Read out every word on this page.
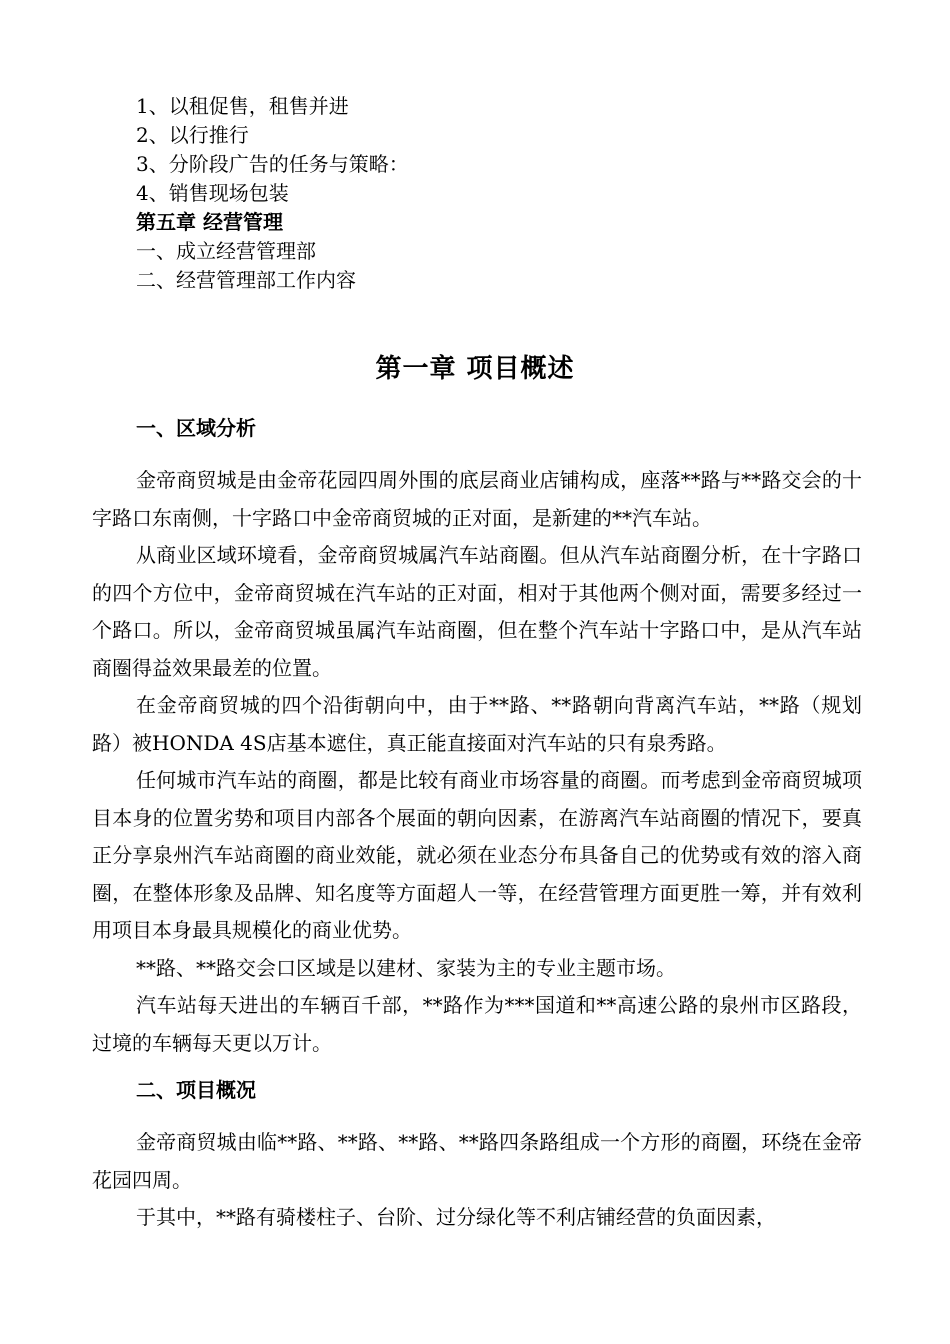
1、以租促售，租售并进
2、以行推行
3、分阶段广告的任务与策略：
4、销售现场包装
第五章 经营管理
一、成立经营管理部
二、经营管理部工作内容
第一章 项目概述
一、区域分析

金帝商贸城是由金帝花园四周外围的底层商业店铺构成，座落**路与**路交会的十字路口东南侧，十字路口中金帝商贸城的正对面，是新建的**汽车站。

从商业区域环境看，金帝商贸城属汽车站商圈。但从汽车站商圈分析，在十字路口的四个方位中，金帝商贸城在汽车站的正对面，相对于其他两个侧对面，需要多经过一个路口。所以，金帝商贸城虽属汽车站商圈，但在整个汽车站十字路口中，是从汽车站商圈得益效果最差的位置。

在金帝商贸城的四个沿街朝向中，由于**路、**路朝向背离汽车站，**路（规划路）被HONDA 4S店基本遮住，真正能直接面对汽车站的只有泉秀路。

任何城市汽车站的商圈，都是比较有商业市场容量的商圈。而考虑到金帝商贸城项目本身的位置劣势和项目内部各个展面的朝向因素，在游离汽车站商圈的情况下，要真正分享泉州汽车站商圈的商业效能，就必须在业态分布具备自己的优势或有效的溶入商圈，在整体形象及品牌、知名度等方面超人一等，在经营管理方面更胜一筹，并有效利用项目本身最具规模化的商业优势。

**路、**路交会口区域是以建材、家装为主的专业主题市场。

汽车站每天进出的车辆百千部，**路作为***国道和**高速公路的泉州市区路段，过境的车辆每天更以万计。

二、项目概况

金帝商贸城由临**路、**路、**路、**路四条路组成一个方形的商圈，环绕在金帝花园四周。

于其中，**路有骑楼柱子、台阶、过分绿化等不利店铺经营的负面因素，
